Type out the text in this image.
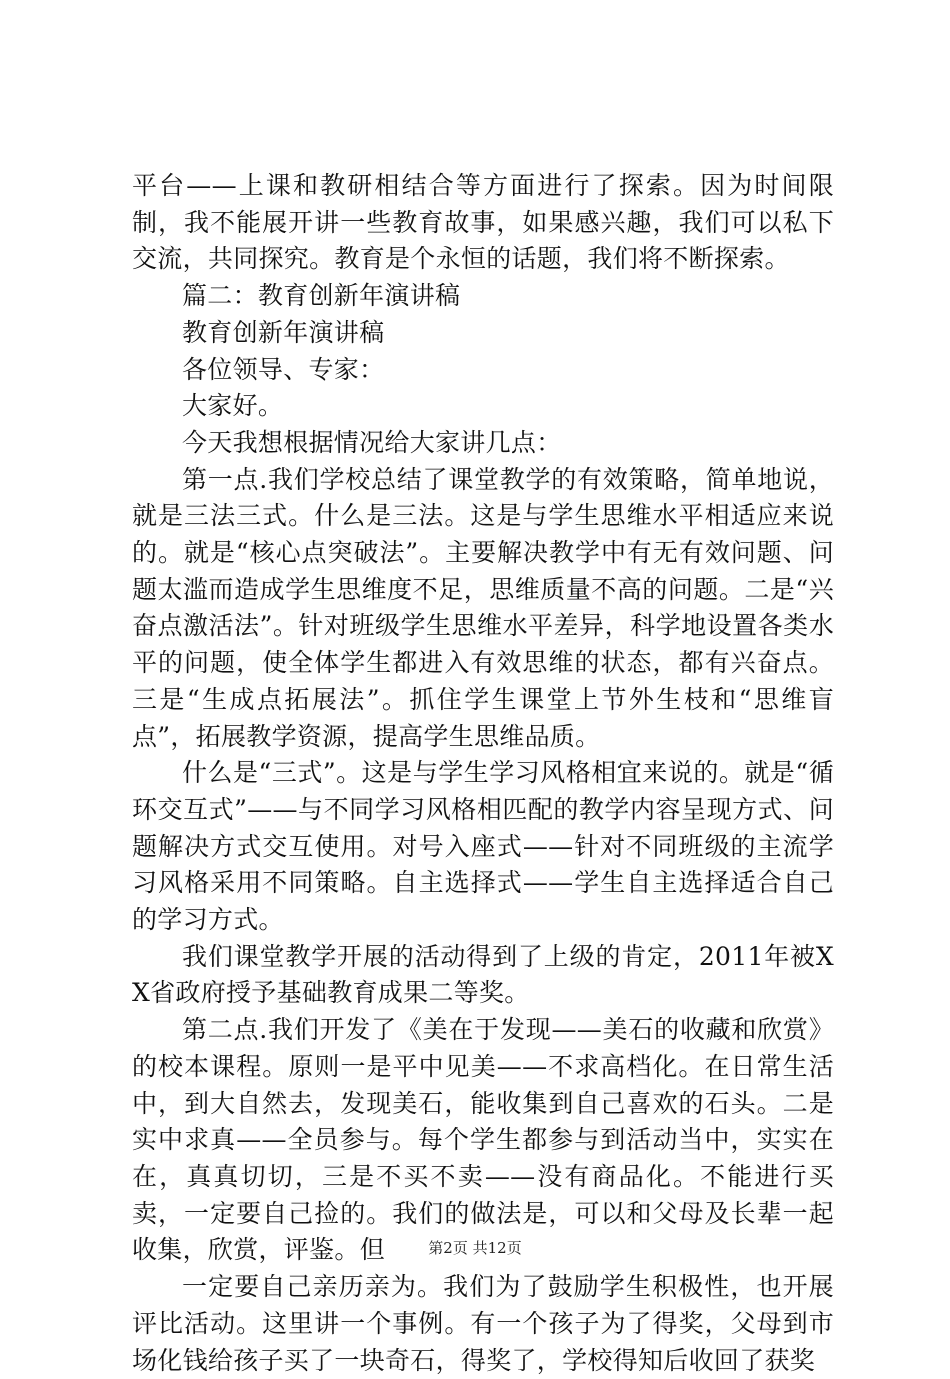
平台——上课和教研相结合等方面进行了探索。因为时间限制，我不能展开讲一些教育故事，如果感兴趣，我们可以私下交流，共同探究。教育是个永恒的话题，我们将不断探索。

篇二：教育创新年演讲稿

教育创新年演讲稿

各位领导、专家：

大家好。

今天我想根据情况给大家讲几点：

第一点.我们学校总结了课堂教学的有效策略，简单地说，就是三法三式。什么是三法。这是与学生思维水平相适应来说的。就是“核心点突破法”。主要解决教学中有无有效问题、问题太滥而造成学生思维度不足，思维质量不高的问题。二是“兴奋点激活法”。针对班级学生思维水平差异，科学地设置各类水平的问题，使全体学生都进入有效思维的状态，都有兴奋点。三是“生成点拓展法”。抓住学生课堂上节外生枝和“思维盲点”，拓展教学资源，提高学生思维品质。

什么是“三式”。这是与学生学习风格相宜来说的。就是“循环交互式”——与不同学习风格相匹配的教学内容呈现方式、问题解决方式交互使用。对号入座式——针对不同班级的主流学习风格采用不同策略。自主选择式——学生自主选择适合自己的学习方式。

我们课堂教学开展的活动得到了上级的肯定，2011年被XX省政府授予基础教育成果二等奖。

第二点.我们开发了《美在于发现——美石的收藏和欣赏》的校本课程。原则一是平中见美——不求高档化。在日常生活中，到大自然去，发现美石，能收集到自己喜欢的石头。二是实中求真——全员参与。每个学生都参与到活动当中，实实在在，真真切切，三是不买不卖——没有商品化。不能进行买卖，一定要自己捡的。我们的做法是，可以和父母及长辈一起收集，欣赏，评鉴。但

一定要自己亲历亲为。我们为了鼓励学生积极性，也开展评比活动。这里讲一个事例。有一个孩子为了得奖，父母到市场化钱给孩子买了一块奇石，得奖了，学校得知后收回了获奖

第2页 共12页
